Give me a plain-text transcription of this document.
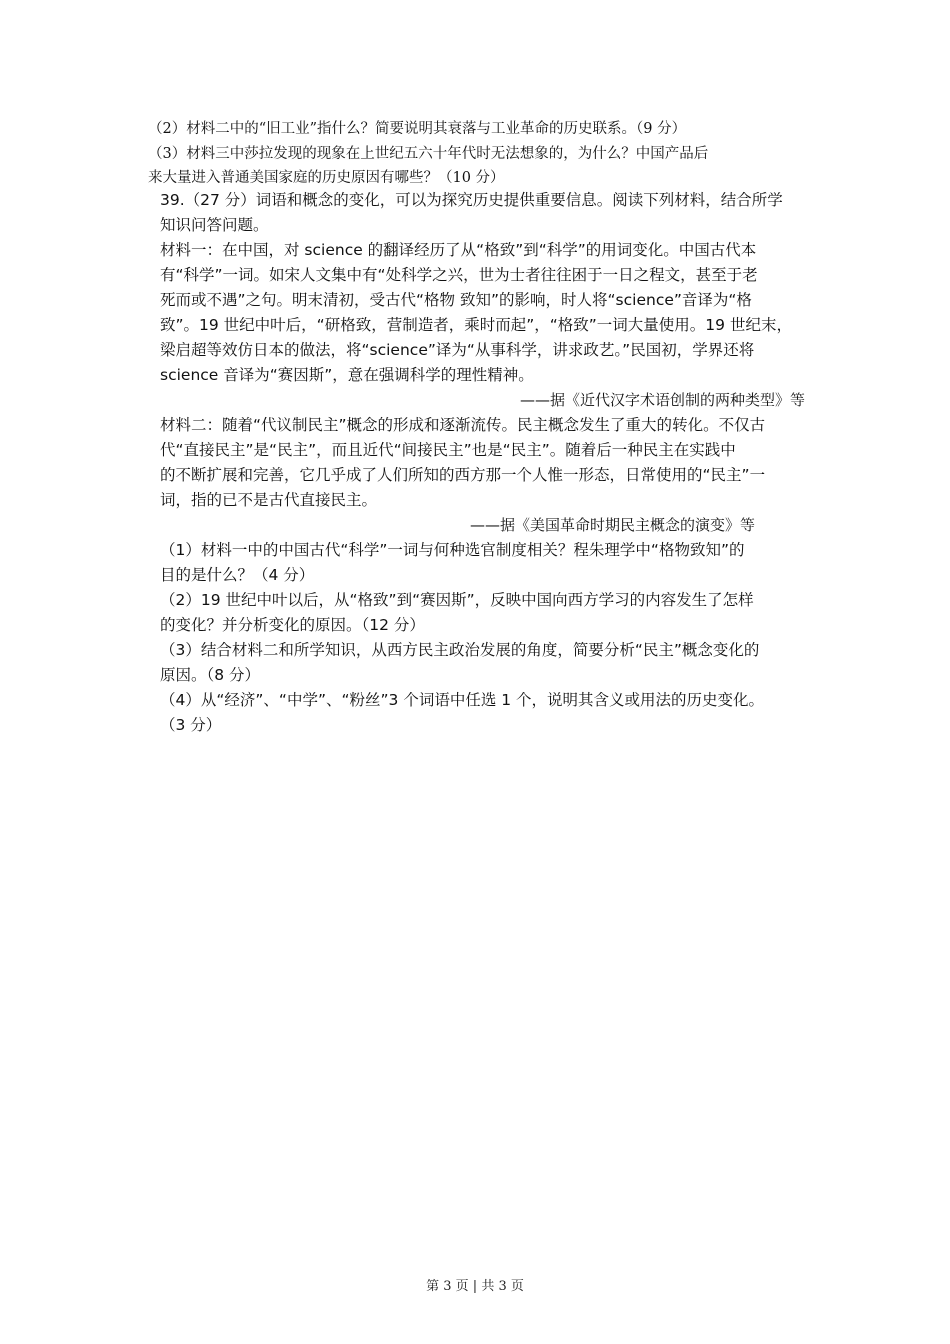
（2）材料二中的“旧工业”指什么？简要说明其衰落与工业革命的历史联系。（9 分）
（3）材料三中莎拉发现的现象在上世纪五六十年代时无法想象的，为什么？中国产品后
来大量进入普通美国家庭的历史原因有哪些？（10 分）
39.（27 分）词语和概念的变化，可以为探究历史提供重要信息。阅读下列材料，结合所学
知识问答问题。
材料一：在中国，对 science 的翻译经历了从“格致”到“科学”的用词变化。中国古代本
有“科学”一词。如宋人文集中有“处科学之兴，世为士者往往困于一日之程文，甚至于老
死而或不遇”之句。明末清初，受古代“格物 致知”的影响，时人将“science”音译为“格
致”。19 世纪中叶后，“研格致，营制造者，乘时而起”，“格致”一词大量使用。19 世纪末，
梁启超等效仿日本的做法，将“science”译为“从事科学，讲求政艺。”民国初，学界还将
science 音译为“赛因斯”，意在强调科学的理性精神。
——据《近代汉字术语创制的两种类型》等
材料二：随着“代议制民主”概念的形成和逐渐流传。民主概念发生了重大的转化。不仅古
代“直接民主”是“民主”，而且近代“间接民主”也是“民主”。随着后一种民主在实践中
的不断扩展和完善，它几乎成了人们所知的西方那一个人惟一形态，日常使用的“民主”一
词，指的已不是古代直接民主。
——据《美国革命时期民主概念的演变》等
（1）材料一中的中国古代“科学”一词与何种选官制度相关？程朱理学中“格物致知”的
目的是什么？（4 分）
（2）19 世纪中叶以后，从“格致”到“赛因斯”，反映中国向西方学习的内容发生了怎样
的变化？并分析变化的原因。（12 分）
（3）结合材料二和所学知识，从西方民主政治发展的角度，简要分析“民主”概念变化的
原因。（8 分）
（4）从“经济”、“中学”、“粉丝”3 个词语中任选 1 个，说明其含义或用法的历史变化。
（3 分）
第 3 页 | 共 3 页
